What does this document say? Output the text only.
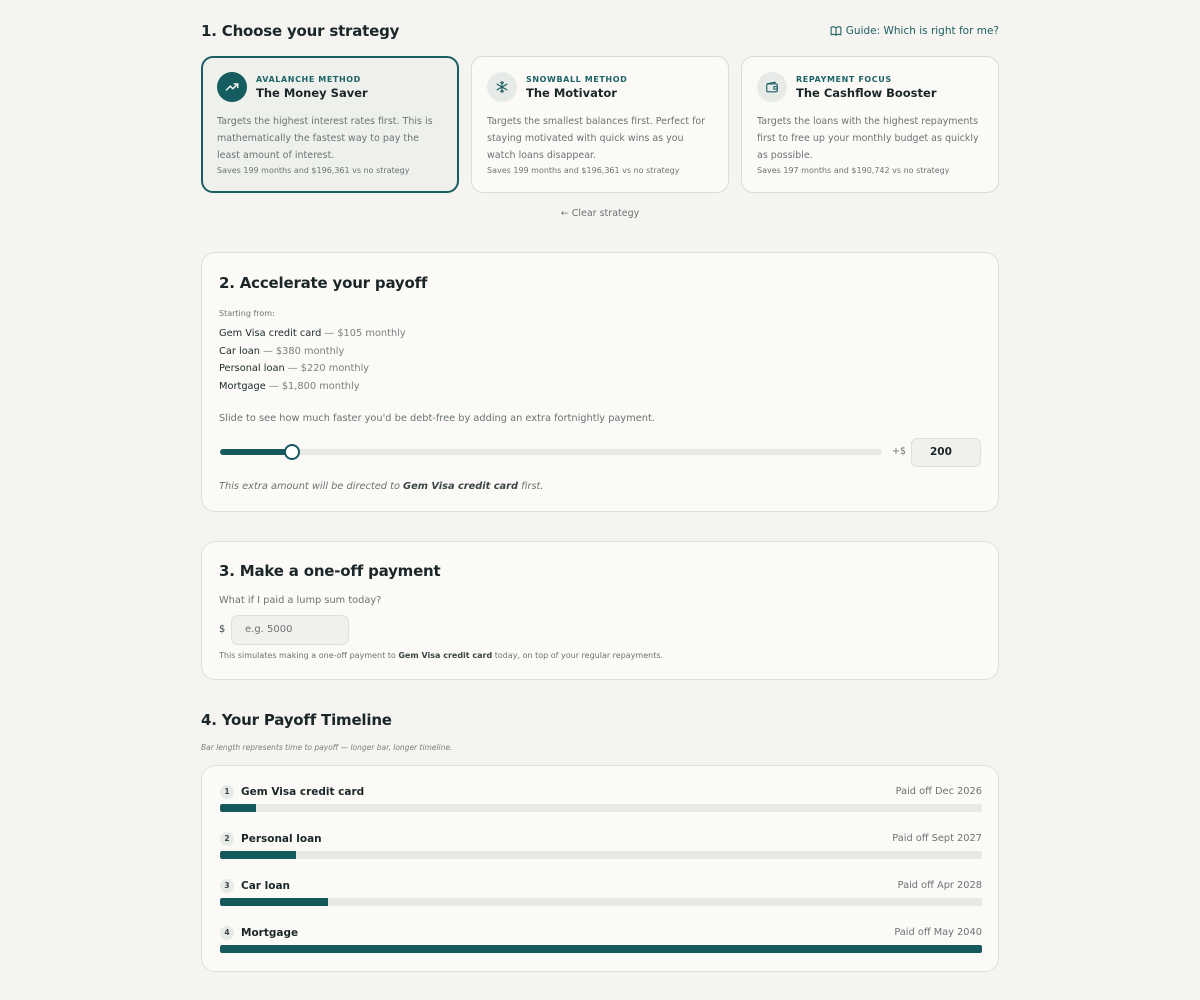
1. Choose your strategy	Guide: Which is right for me?
AVALANCHE METHOD
The Money Saver
Targets the highest interest rates first. This is mathematically the fastest way to pay the least amount of interest.
Saves 199 months and $196,361 vs no strategy
SNOWBALL METHOD
The Motivator
Targets the smallest balances first. Perfect for staying motivated with quick wins as you watch loans disappear.
Saves 199 months and $196,361 vs no strategy
REPAYMENT FOCUS
The Cashflow Booster
Targets the loans with the highest repayments first to free up your monthly budget as quickly as possible.
Saves 197 months and $190,742 vs no strategy
← Clear strategy
2. Accelerate your payoff
Starting from:
Gem Visa credit card — $105 monthly
Car loan — $380 monthly
Personal loan — $220 monthly
Mortgage — $1,800 monthly
Slide to see how much faster you'd be debt-free by adding an extra fortnightly payment.
+$	200
This extra amount will be directed to Gem Visa credit card first.
3. Make a one-off payment
What if I paid a lump sum today?
$	e.g. 5000
This simulates making a one-off payment to Gem Visa credit card today, on top of your regular repayments.
4. Your Payoff Timeline
Bar length represents time to payoff — longer bar, longer timeline.
1	Gem Visa credit card	Paid off Dec 2026
2	Personal loan	Paid off Sept 2027
3	Car loan	Paid off Apr 2028
4	Mortgage	Paid off May 2040
